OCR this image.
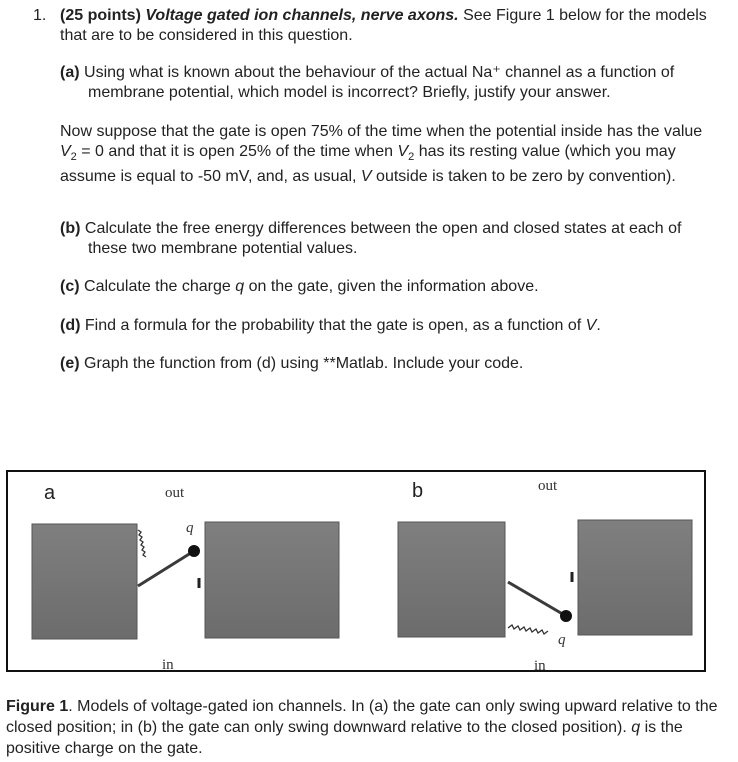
1. (25 points) Voltage gated ion channels, nerve axons. See Figure 1 below for the models that are to be considered in this question.
(a) Using what is known about the behaviour of the actual Na⁺ channel as a function of membrane potential, which model is incorrect? Briefly, justify your answer.
Now suppose that the gate is open 75% of the time when the potential inside has the value $V_2 = 0$ and that it is open 25% of the time when $V_2$ has its resting value (which you may assume is equal to -50 mV, and, as usual, V outside is taken to be zero by convention).
(b) Calculate the free energy differences between the open and closed states at each of these two membrane potential values.
(c) Calculate the charge q on the gate, given the information above.
(d) Find a formula for the probability that the gate is open, as a function of V.
(e) Graph the function from (d) using **Matlab. Include your code.
a	out
in
q
b	out
in
q
Figure 1. Models of voltage-gated ion channels. In (a) the gate can only swing upward relative to the closed position; in (b) the gate can only swing downward relative to the closed position). q is the positive charge on the gate.
